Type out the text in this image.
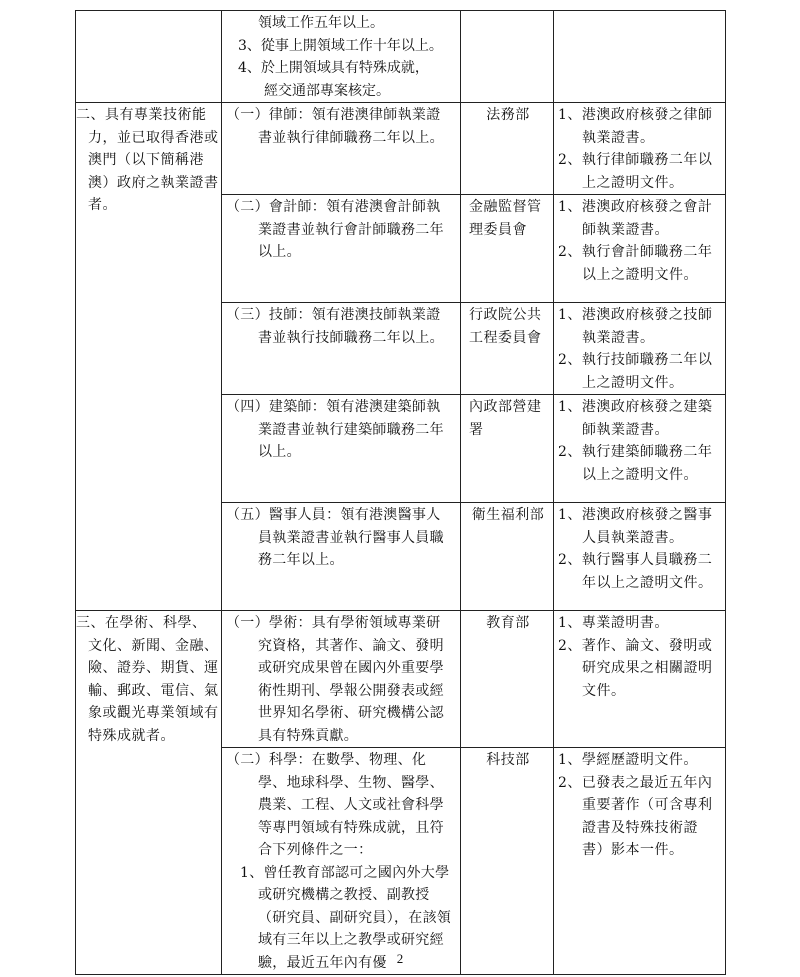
	領域工作五年以上。
3、從事上開領域工作十年以上。
4、於上開領域具有特殊成就，
經交通部專案核定。		

二、具有專業技術能力，並已取得香港或澳門（以下簡稱港澳）政府之執業證書者。	（一）律師：領有港澳律師執業證書並執行律師職務二年以上。	法務部	1、港澳政府核發之律師執業證書。
2、執行律師職務二年以上之證明文件。

	（二）會計師：領有港澳會計師執業證書並執行會計師職務二年以上。	金融監督管理委員會	1、港澳政府核發之會計師執業證書。
2、執行會計師職務二年以上之證明文件。

	（三）技師：領有港澳技師執業證書並執行技師職務二年以上。	行政院公共工程委員會	1、港澳政府核發之技師執業證書。
2、執行技師職務二年以上之證明文件。

	（四）建築師：領有港澳建築師執業證書並執行建築師職務二年以上。	內政部營建署	1、港澳政府核發之建築師執業證書。
2、執行建築師職務二年以上之證明文件。

	（五）醫事人員：領有港澳醫事人員執業證書並執行醫事人員職務二年以上。	衛生福利部	1、港澳政府核發之醫事人員執業證書。
2、執行醫事人員職務二年以上之證明文件。

三、在學術、科學、文化、新聞、金融、險、證券、期貨、運輸、郵政、電信、氣象或觀光專業領域有特殊成就者。	（一）學術：具有學術領域專業研究資格，其著作、論文、發明或研究成果曾在國內外重要學術性期刊、學報公開發表或經世界知名學術、研究機構公認具有特殊貢獻。	教育部	1、專業證明書。
2、著作、論文、發明或研究成果之相關證明文件。

	（二）科學：在數學、物理、化學、地球科學、生物、醫學、農業、工程、人文或社會科學等專門領域有特殊成就，且符合下列條件之一：
1、曾任教育部認可之國內外大學或研究機構之教授、副教授（研究員、副研究員），在該領域有三年以上之教學或研究經驗，最近五年內有優	科技部	1、學經歷證明文件。
2、已發表之最近五年內重要著作（可含專利證書及特殊技術證書）影本一件。
2
